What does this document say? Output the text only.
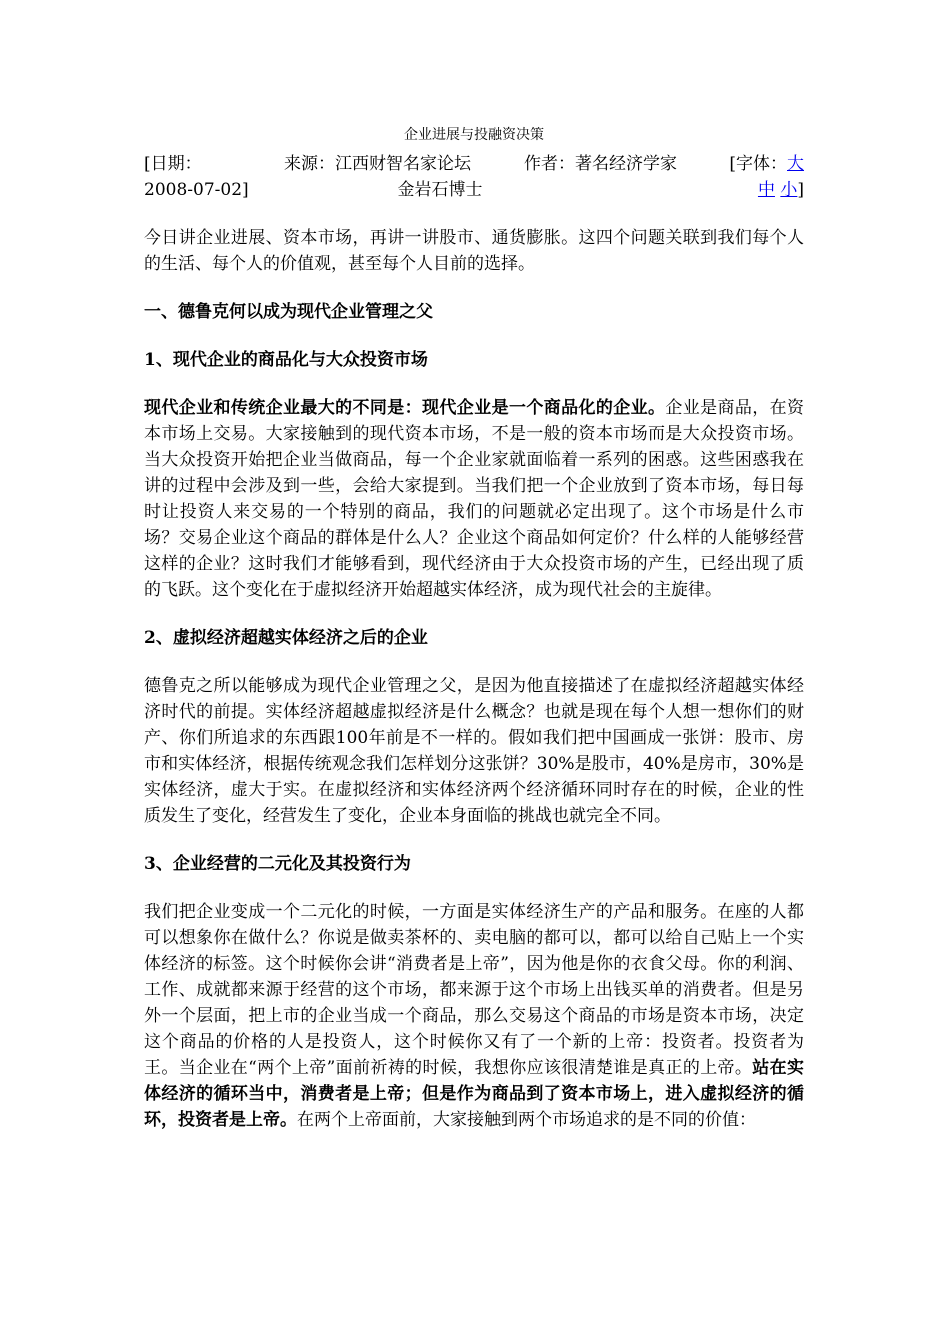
企业进展与投融资决策
[日期：
2008-07-02]
来源：江西财智名家论坛	作者：著名经济学家
金岩石博士
[字体：大
中 小]

今日讲企业进展、资本市场，再讲一讲股市、通货膨胀。这四个问题关联到我们每个人的生活、每个人的价值观，甚至每个人目前的选择。

一、德鲁克何以成为现代企业管理之父
1、现代企业的商品化与大众投资市场

现代企业和传统企业最大的不同是：现代企业是一个商品化的企业。企业是商品，在资本市场上交易。大家接触到的现代资本市场，不是一般的资本市场而是大众投资市场。当大众投资开始把企业当做商品，每一个企业家就面临着一系列的困惑。这些困惑我在讲的过程中会涉及到一些，会给大家提到。当我们把一个企业放到了资本市场，每日每时让投资人来交易的一个特别的商品，我们的问题就必定出现了。这个市场是什么市场？交易企业这个商品的群体是什么人？企业这个商品如何定价？什么样的人能够经营这样的企业？这时我们才能够看到，现代经济由于大众投资市场的产生，已经出现了质的飞跃。这个变化在于虚拟经济开始超越实体经济，成为现代社会的主旋律。

2、虚拟经济超越实体经济之后的企业

德鲁克之所以能够成为现代企业管理之父，是因为他直接描述了在虚拟经济超越实体经济时代的前提。实体经济超越虚拟经济是什么概念？也就是现在每个人想一想你们的财产、你们所追求的东西跟100年前是不一样的。假如我们把中国画成一张饼：股市、房市和实体经济，根据传统观念我们怎样划分这张饼？30%是股市，40%是房市，30%是实体经济，虚大于实。在虚拟经济和实体经济两个经济循环同时存在的时候，企业的性质发生了变化，经营发生了变化，企业本身面临的挑战也就完全不同。

3、企业经营的二元化及其投资行为

我们把企业变成一个二元化的时候，一方面是实体经济生产的产品和服务。在座的人都可以想象你在做什么？你说是做卖茶杯的、卖电脑的都可以，都可以给自己贴上一个实体经济的标签。这个时候你会讲“消费者是上帝”，因为他是你的衣食父母。你的利润、工作、成就都来源于经营的这个市场，都来源于这个市场上出钱买单的消费者。但是另外一个层面，把上市的企业当成一个商品，那么交易这个商品的市场是资本市场，决定这个商品的价格的人是投资人，这个时候你又有了一个新的上帝：投资者。投资者为王。当企业在“两个上帝”面前祈祷的时候，我想你应该很清楚谁是真正的上帝。站在实体经济的循环当中，消费者是上帝；但是作为商品到了资本市场上，进入虚拟经济的循环，投资者是上帝。在两个上帝面前，大家接触到两个市场追求的是不同的价值：
